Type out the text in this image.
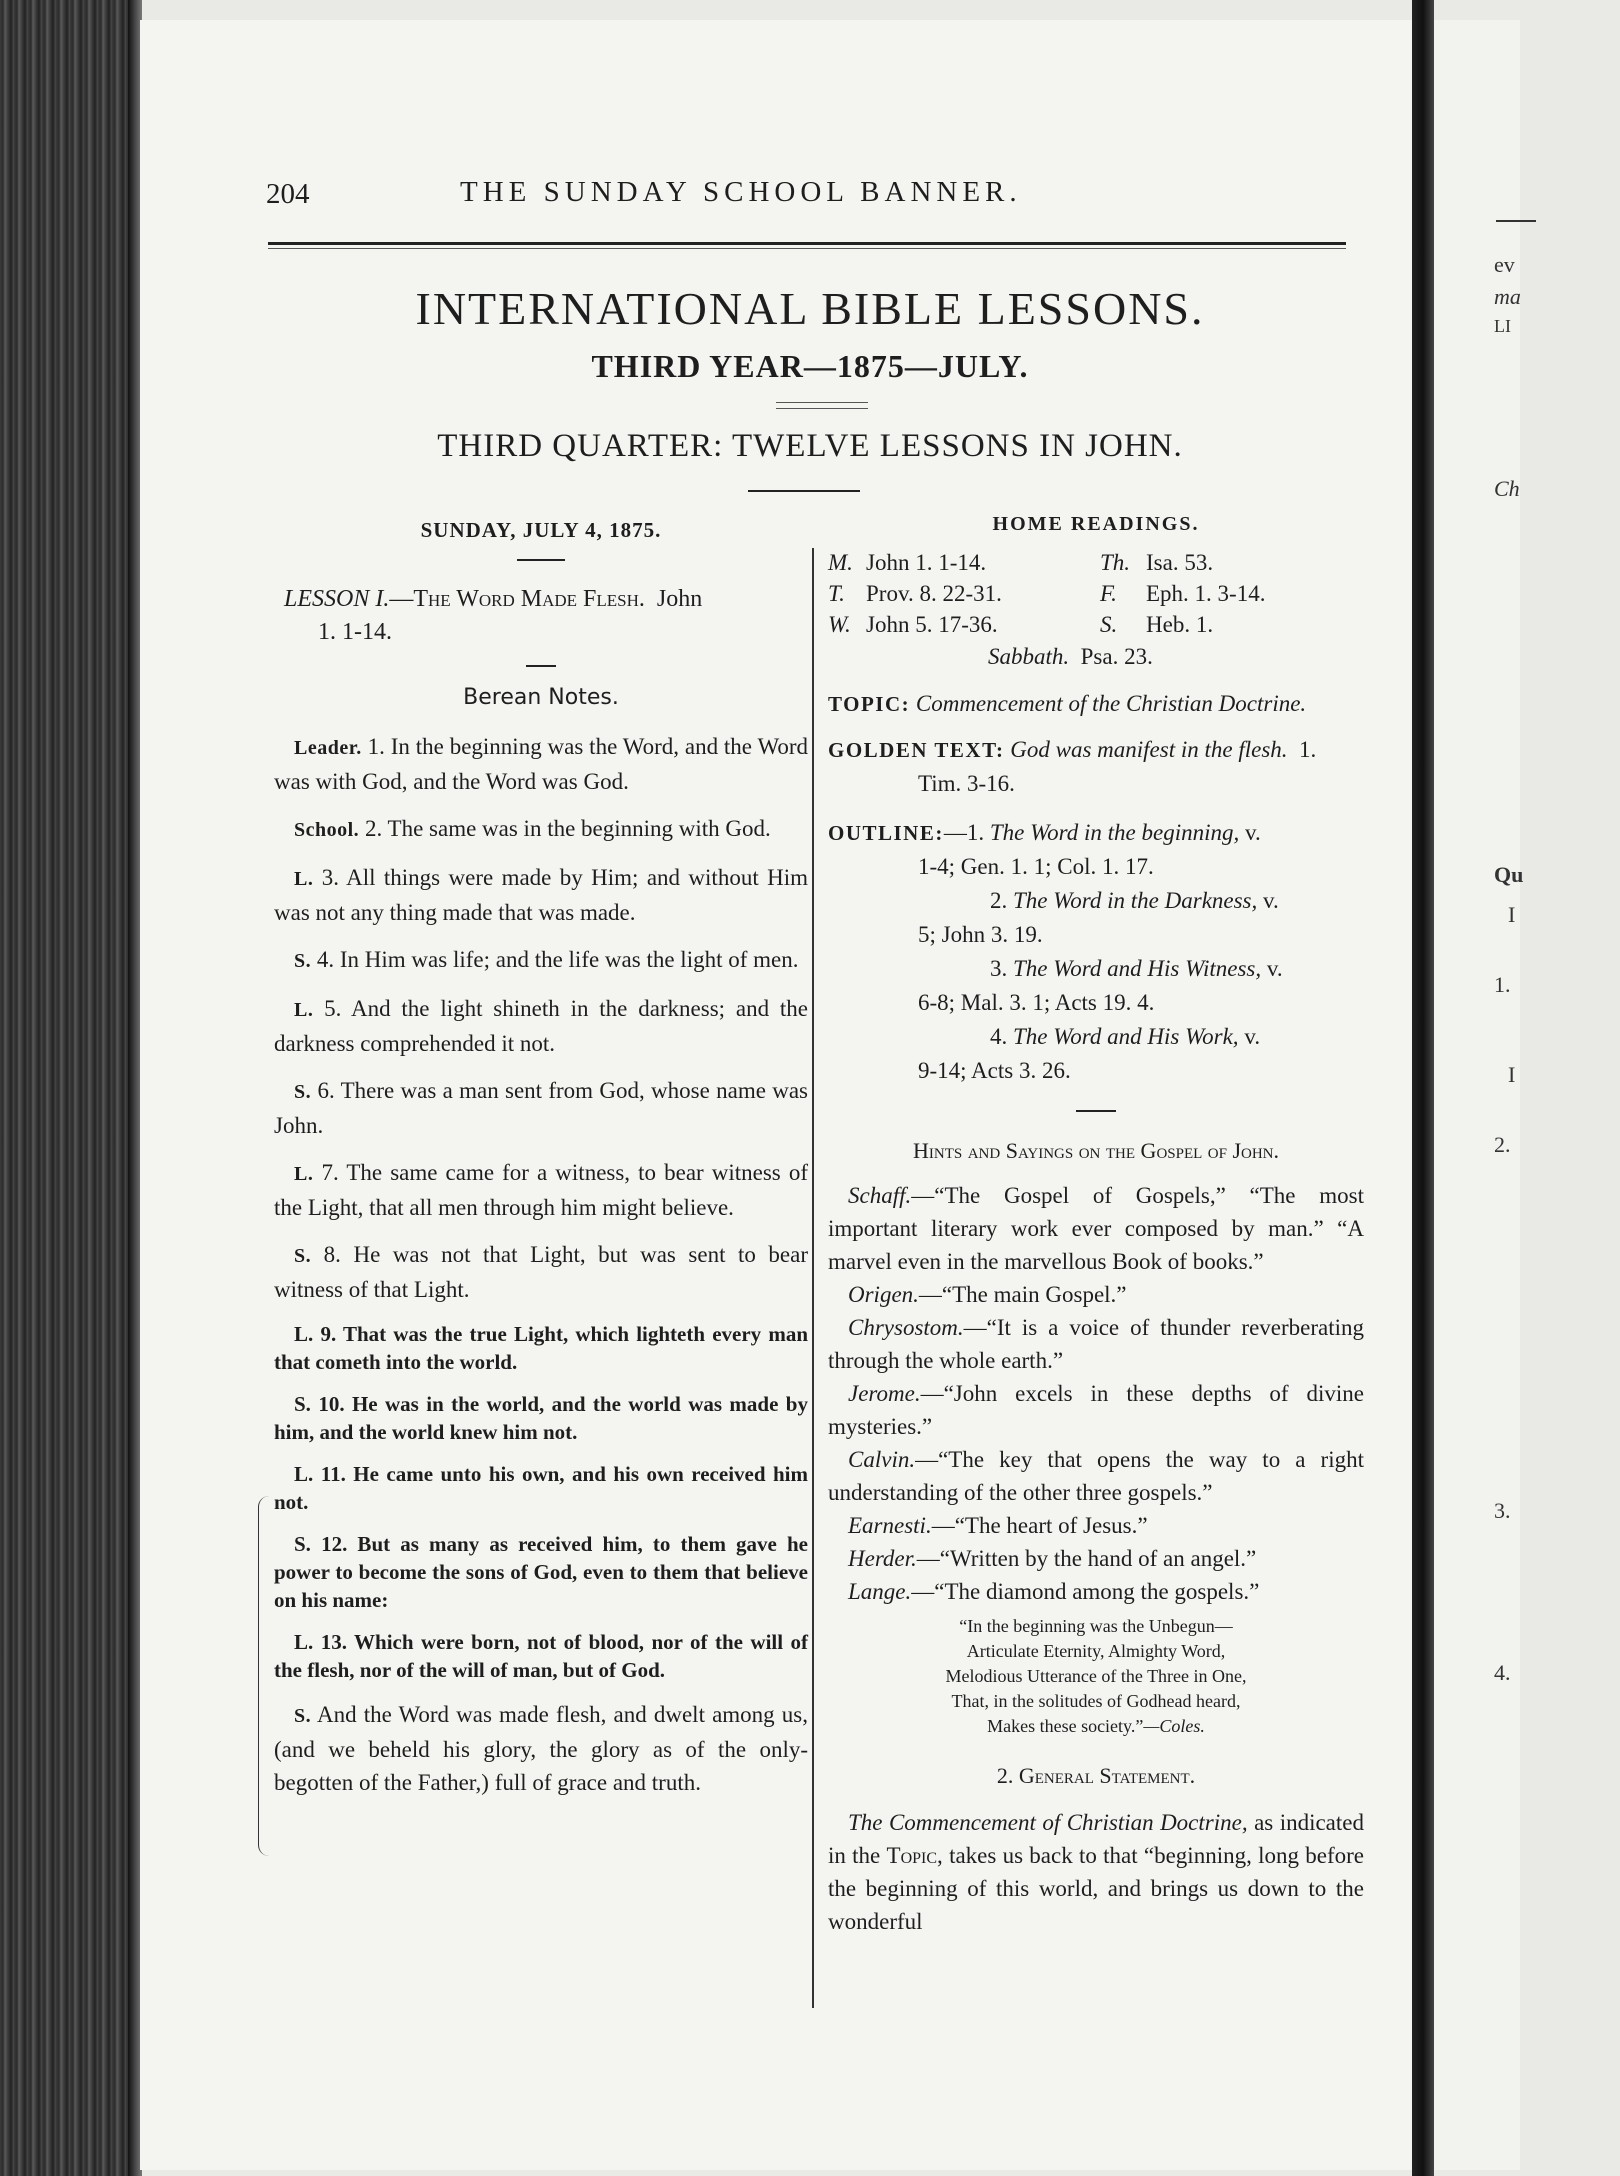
ev
ma
LI
Ch
Qu
I
1.
I
2.
3.
4.
204	THE SUNDAY SCHOOL BANNER.
INTERNATIONAL BIBLE LESSONS.
THIRD YEAR—1875—JULY.
THIRD QUARTER: TWELVE LESSONS IN JOHN.
SUNDAY, JULY 4, 1875.
LESSON I.—The Word Made Flesh. John
1. 1-14.
Berean Notes.

Leader. 1. In the beginning was the Word, and the Word was with God, and the Word was God.

School. 2. The same was in the beginning with God.

L. 3. All things were made by Him; and without Him was not any thing made that was made.

S. 4. In Him was life; and the life was the light of men.

L. 5. And the light shineth in the darkness; and the darkness comprehended it not.

S. 6. There was a man sent from God, whose name was John.

L. 7. The same came for a witness, to bear witness of the Light, that all men through him might believe.

S. 8. He was not that Light, but was sent to bear witness of that Light.

L. 9. That was the true Light, which lighteth every man that cometh into the world.

S. 10. He was in the world, and the world was made by him, and the world knew him not.

L. 11. He came unto his own, and his own received him not.

S. 12. But as many as received him, to them gave he power to become the sons of God, even to them that believe on his name:

L. 13. Which were born, not of blood, nor of the will of the flesh, nor of the will of man, but of God.

S. And the Word was made flesh, and dwelt among us, (and we beheld his glory, the glory as of the only-begotten of the Father,) full of grace and truth.

HOME READINGS.
M.	John 1. 1-14.	Th.	Isa. 53.
T.	Prov. 8. 22-31.	F.	Eph. 1. 3-14.
W.	John 5. 17-36.	S.	Heb. 1.
Sabbath. Psa. 23.
TOPIC: Commencement of the Christian Doctrine.
GOLDEN TEXT: God was manifest in the flesh. 1. Tim. 3-16.
OUTLINE:—1. The Word in the beginning, v.
1-4; Gen. 1. 1; Col. 1. 17.
2. The Word in the Darkness, v.
5; John 3. 19.
3. The Word and His Witness, v.
6-8; Mal. 3. 1; Acts 19. 4.
4. The Word and His Work, v.
9-14; Acts 3. 26.
Hints and Sayings on the Gospel of John.
Schaff.—“The Gospel of Gospels,” “The most important literary work ever composed by man.” “A marvel even in the marvellous Book of books.”
Origen.—“The main Gospel.”
Chrysostom.—“It is a voice of thunder reverberating through the whole earth.”
Jerome.—“John excels in these depths of divine mysteries.”
Calvin.—“The key that opens the way to a right understanding of the other three gospels.”
Earnesti.—“The heart of Jesus.”
Herder.—“Written by the hand of an angel.”
Lange.—“The diamond among the gospels.”
“In the beginning was the Unbegun—
Articulate Eternity, Almighty Word,
Melodious Utterance of the Three in One,
That, in the solitudes of Godhead heard,
Makes these society.”—Coles.
2. General Statement.
The Commencement of Christian Doctrine, as indicated in the Topic, takes us back to that “beginning, long before the beginning of this world, and brings us down to the wonderful
